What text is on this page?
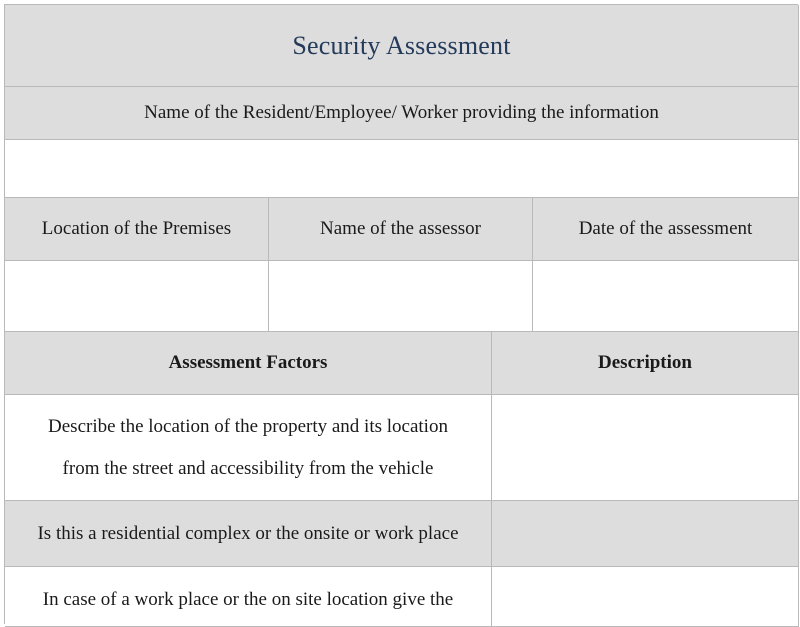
Security Assessment
Name of the Resident/Employee/ Worker providing the information
Location of the Premises	Name of the assessor	Date of the assessment
Assessment Factors	Description
Describe the location of the property and its location
from the street and accessibility from the vehicle
Is this a residential complex or the onsite or work place
In case of a work place or the on site location give the
